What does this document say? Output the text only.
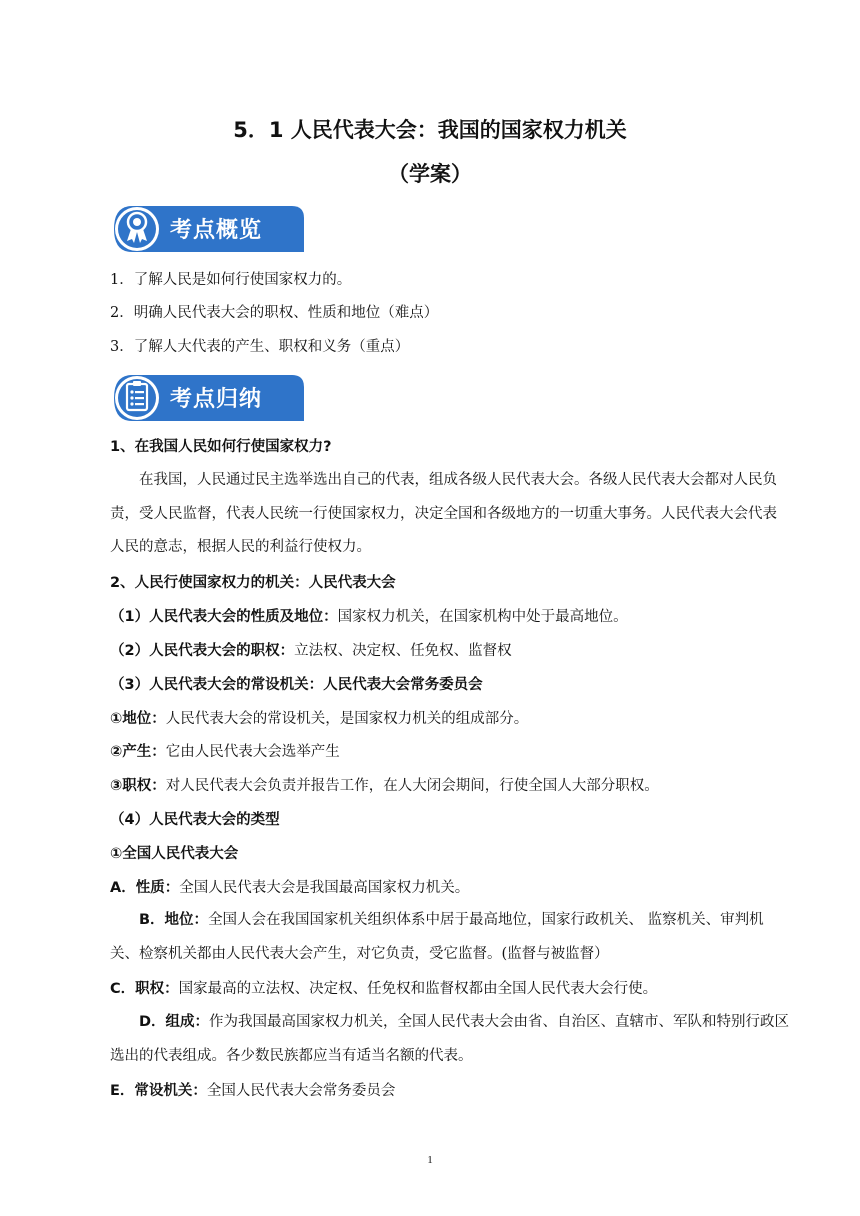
5．1 人民代表大会：我国的国家权力机关
（学案）
考点概览
1．了解人民是如何行使国家权力的。
2．明确人民代表大会的职权、性质和地位（难点）
3．了解人大代表的产生、职权和义务（重点）
考点归纳
1、在我国人民如何行使国家权力?
在我国，人民通过民主选举选出自己的代表，组成各级人民代表大会。各级人民代表大会都对人民负责，受人民监督，代表人民统一行使国家权力，决定全国和各级地方的一切重大事务。人民代表大会代表人民的意志，根据人民的利益行使权力。
2、人民行使国家权力的机关：人民代表大会
（1）人民代表大会的性质及地位：国家权力机关，在国家机构中处于最高地位。
（2）人民代表大会的职权：立法权、决定权、任免权、监督权
（3）人民代表大会的常设机关：人民代表大会常务委员会
①地位：人民代表大会的常设机关，是国家权力机关的组成部分。
②产生：它由人民代表大会选举产生
③职权：对人民代表大会负责并报告工作，在人大闭会期间，行使全国人大部分职权。
（4）人民代表大会的类型
①全国人民代表大会
A．性质：全国人民代表大会是我国最高国家权力机关。
B．地位：全国人会在我国国家机关组织体系中居于最高地位，国家行政机关、 监察机关、审判机关、检察机关都由人民代表大会产生，对它负责，受它监督。(监督与被监督）
C．职权：国家最高的立法权、决定权、任免权和监督权都由全国人民代表大会行使。
D．组成：作为我国最高国家权力机关，全国人民代表大会由省、自治区、直辖市、军队和特别行政区选出的代表组成。各少数民族都应当有适当名额的代表。
E．常设机关：全国人民代表大会常务委员会
1
